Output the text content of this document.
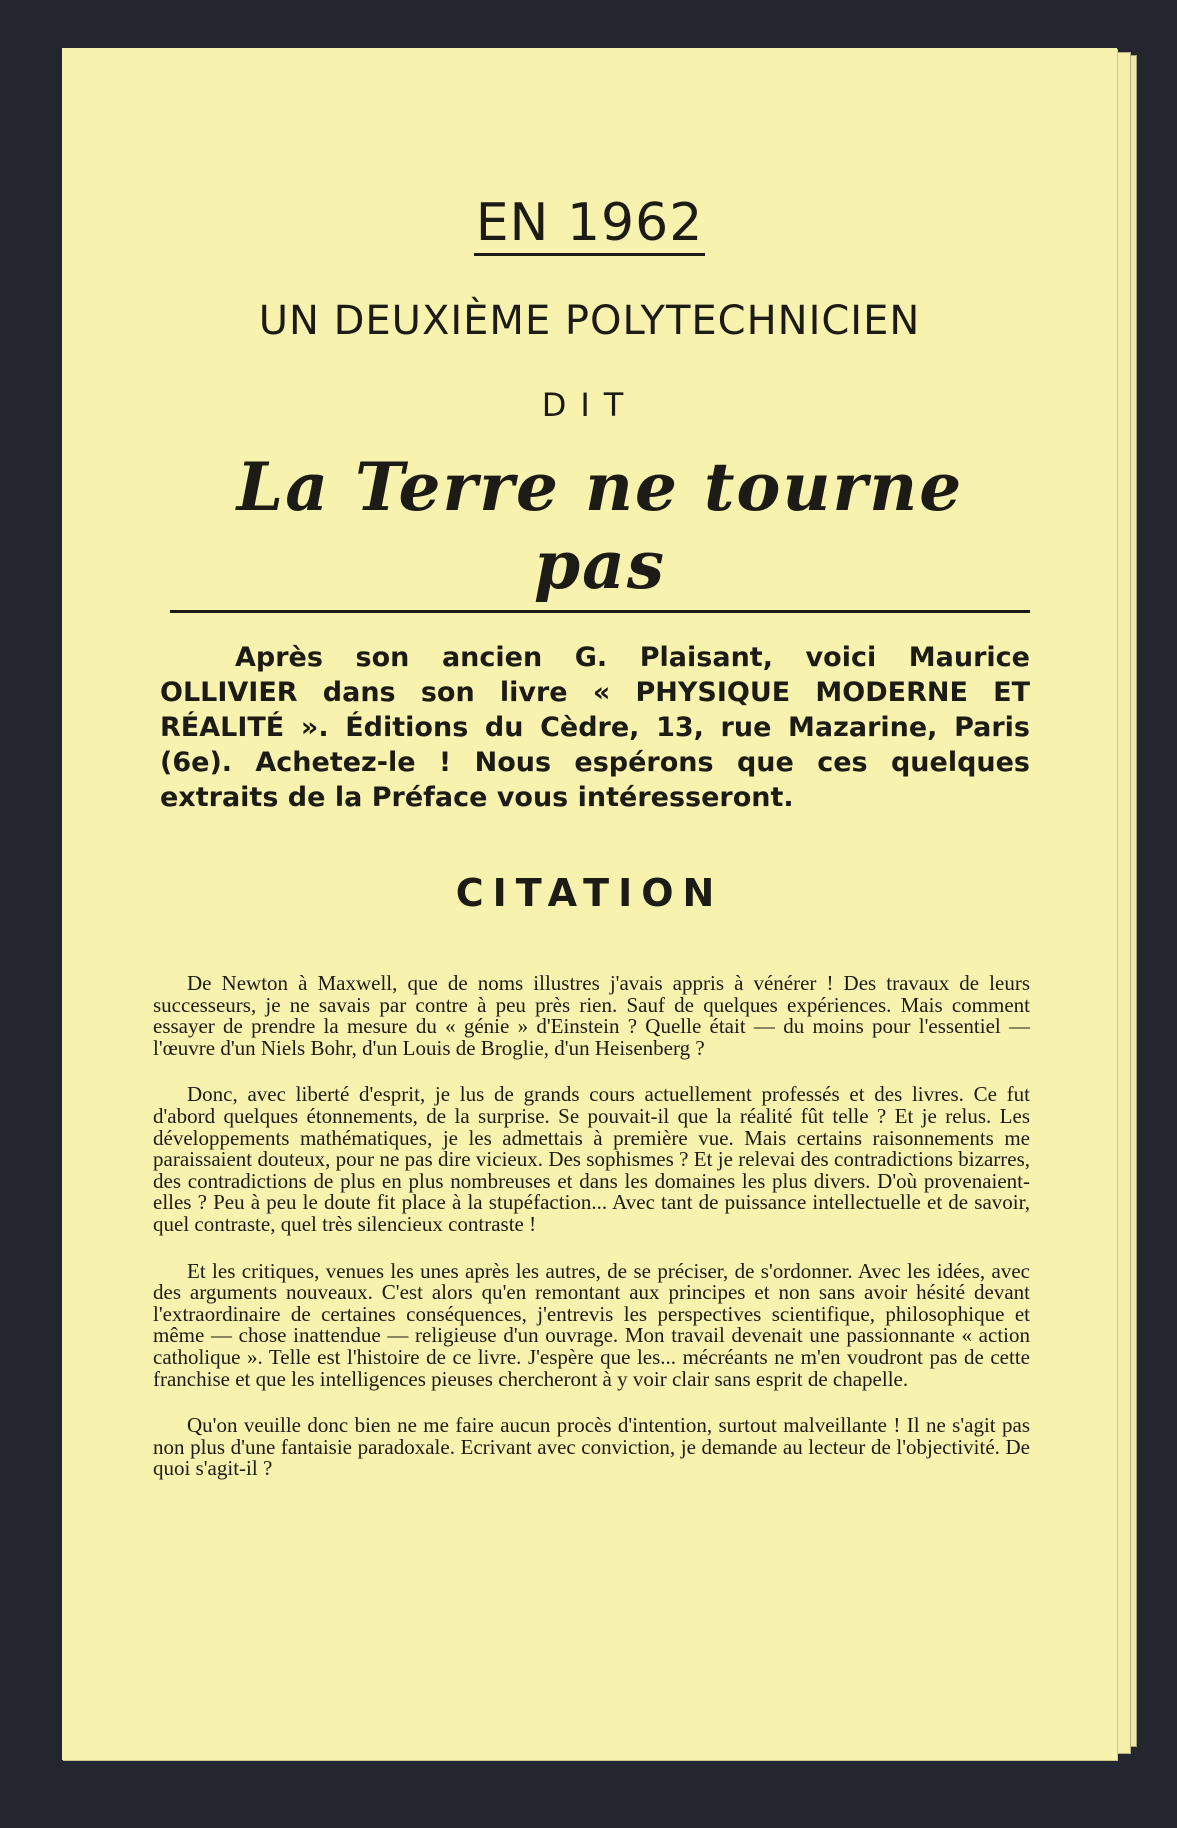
EN 1962
UN DEUXIÈME POLYTECHNICIEN
DIT
La Terre ne tourne pas
Après son ancien G. Plaisant, voici Maurice OLLIVIER dans son livre « PHYSIQUE MODERNE ET RÉALITÉ ». Éditions du Cèdre, 13, rue Mazarine, Paris (6e). Achetez-le ! Nous espérons que ces quelques extraits de la Préface vous intéresseront.
CITATION

De Newton à Maxwell, que de noms illustres j'avais appris à vénérer ! Des travaux de leurs successeurs, je ne savais par contre à peu près rien. Sauf de quelques expériences. Mais comment essayer de prendre la mesure du « génie » d'Einstein ? Quelle était — du moins pour l'essentiel — l'œuvre d'un Niels Bohr, d'un Louis de Broglie, d'un Heisenberg ?

Donc, avec liberté d'esprit, je lus de grands cours actuellement professés et des livres. Ce fut d'abord quelques étonnements, de la surprise. Se pouvait-il que la réalité fût telle ? Et je relus. Les développements mathématiques, je les admettais à première vue. Mais certains raisonnements me paraissaient douteux, pour ne pas dire vicieux. Des sophismes ? Et je relevai des contradictions bizarres, des contradictions de plus en plus nombreuses et dans les domaines les plus divers. D'où provenaient-elles ? Peu à peu le doute fit place à la stupéfaction... Avec tant de puissance intellectuelle et de savoir, quel contraste, quel très silencieux contraste !

Et les critiques, venues les unes après les autres, de se préciser, de s'ordonner. Avec les idées, avec des arguments nouveaux. C'est alors qu'en remontant aux principes et non sans avoir hésité devant l'extraordinaire de certaines conséquences, j'entrevis les perspectives scientifique, philosophique et même — chose inattendue — religieuse d'un ouvrage. Mon travail devenait une passionnante « action catholique ». Telle est l'histoire de ce livre. J'espère que les... mécréants ne m'en voudront pas de cette franchise et que les intelligences pieuses chercheront à y voir clair sans esprit de chapelle.

Qu'on veuille donc bien ne me faire aucun procès d'intention, surtout malveillante ! Il ne s'agit pas non plus d'une fantaisie paradoxale. Ecrivant avec conviction, je demande au lecteur de l'objectivité. De quoi s'agit-il ?
